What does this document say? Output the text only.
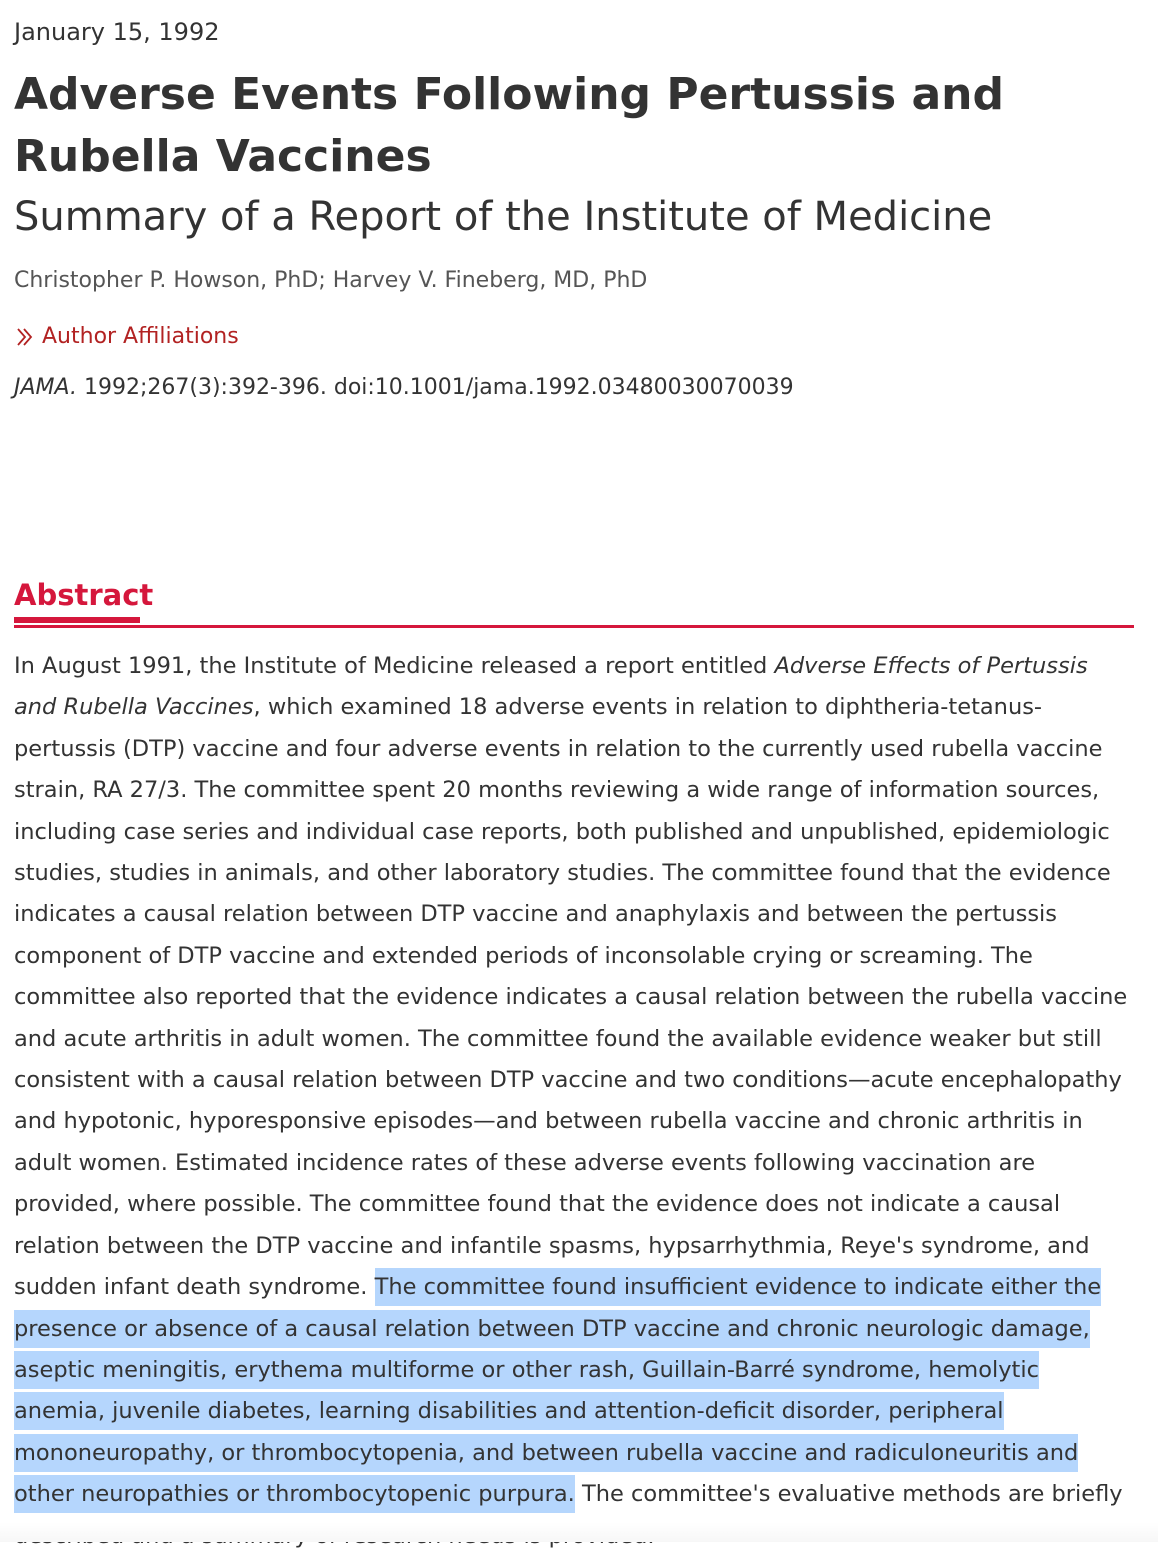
January 15, 1992
Adverse Events Following Pertussis and Rubella Vaccines
Summary of a Report of the Institute of Medicine
Christopher P. Howson, PhD; Harvey V. Fineberg, MD, PhD
Author Affiliations
JAMA. 1992;267(3):392-396. doi:10.1001/jama.1992.03480030070039
Abstract

In August 1991, the Institute of Medicine released a report entitled Adverse Effects of Pertussis and Rubella Vaccines, which examined 18 adverse events in relation to diphtheria-tetanus-pertussis (DTP) vaccine and four adverse events in relation to the currently used rubella vaccine strain, RA 27/3. The committee spent 20 months reviewing a wide range of information sources, including case series and individual case reports, both published and unpublished, epidemiologic studies, studies in animals, and other laboratory studies. The committee found that the evidence indicates a causal relation between DTP vaccine and anaphylaxis and between the pertussis component of DTP vaccine and extended periods of inconsolable crying or screaming. The committee also reported that the evidence indicates a causal relation between the rubella vaccine and acute arthritis in adult women. The committee found the available evidence weaker but still consistent with a causal relation between DTP vaccine and two conditions—acute encephalopathy and hypotonic, hyporesponsive episodes—and between rubella vaccine and chronic arthritis in adult women. Estimated incidence rates of these adverse events following vaccination are provided, where possible. The committee found that the evidence does not indicate a causal relation between the DTP vaccine and infantile spasms, hypsarrhythmia, Reye's syndrome, and sudden infant death syndrome. The committee found insufficient evidence to indicate either the presence or absence of a causal relation between DTP vaccine and chronic neurologic damage, aseptic meningitis, erythema multiforme or other rash, Guillain-Barré syndrome, hemolytic anemia, juvenile diabetes, learning disabilities and attention-deficit disorder, peripheral mononeuropathy, or thrombocytopenia, and between rubella vaccine and radiculoneuritis and other neuropathies or thrombocytopenic purpura. The committee's evaluative methods are briefly
